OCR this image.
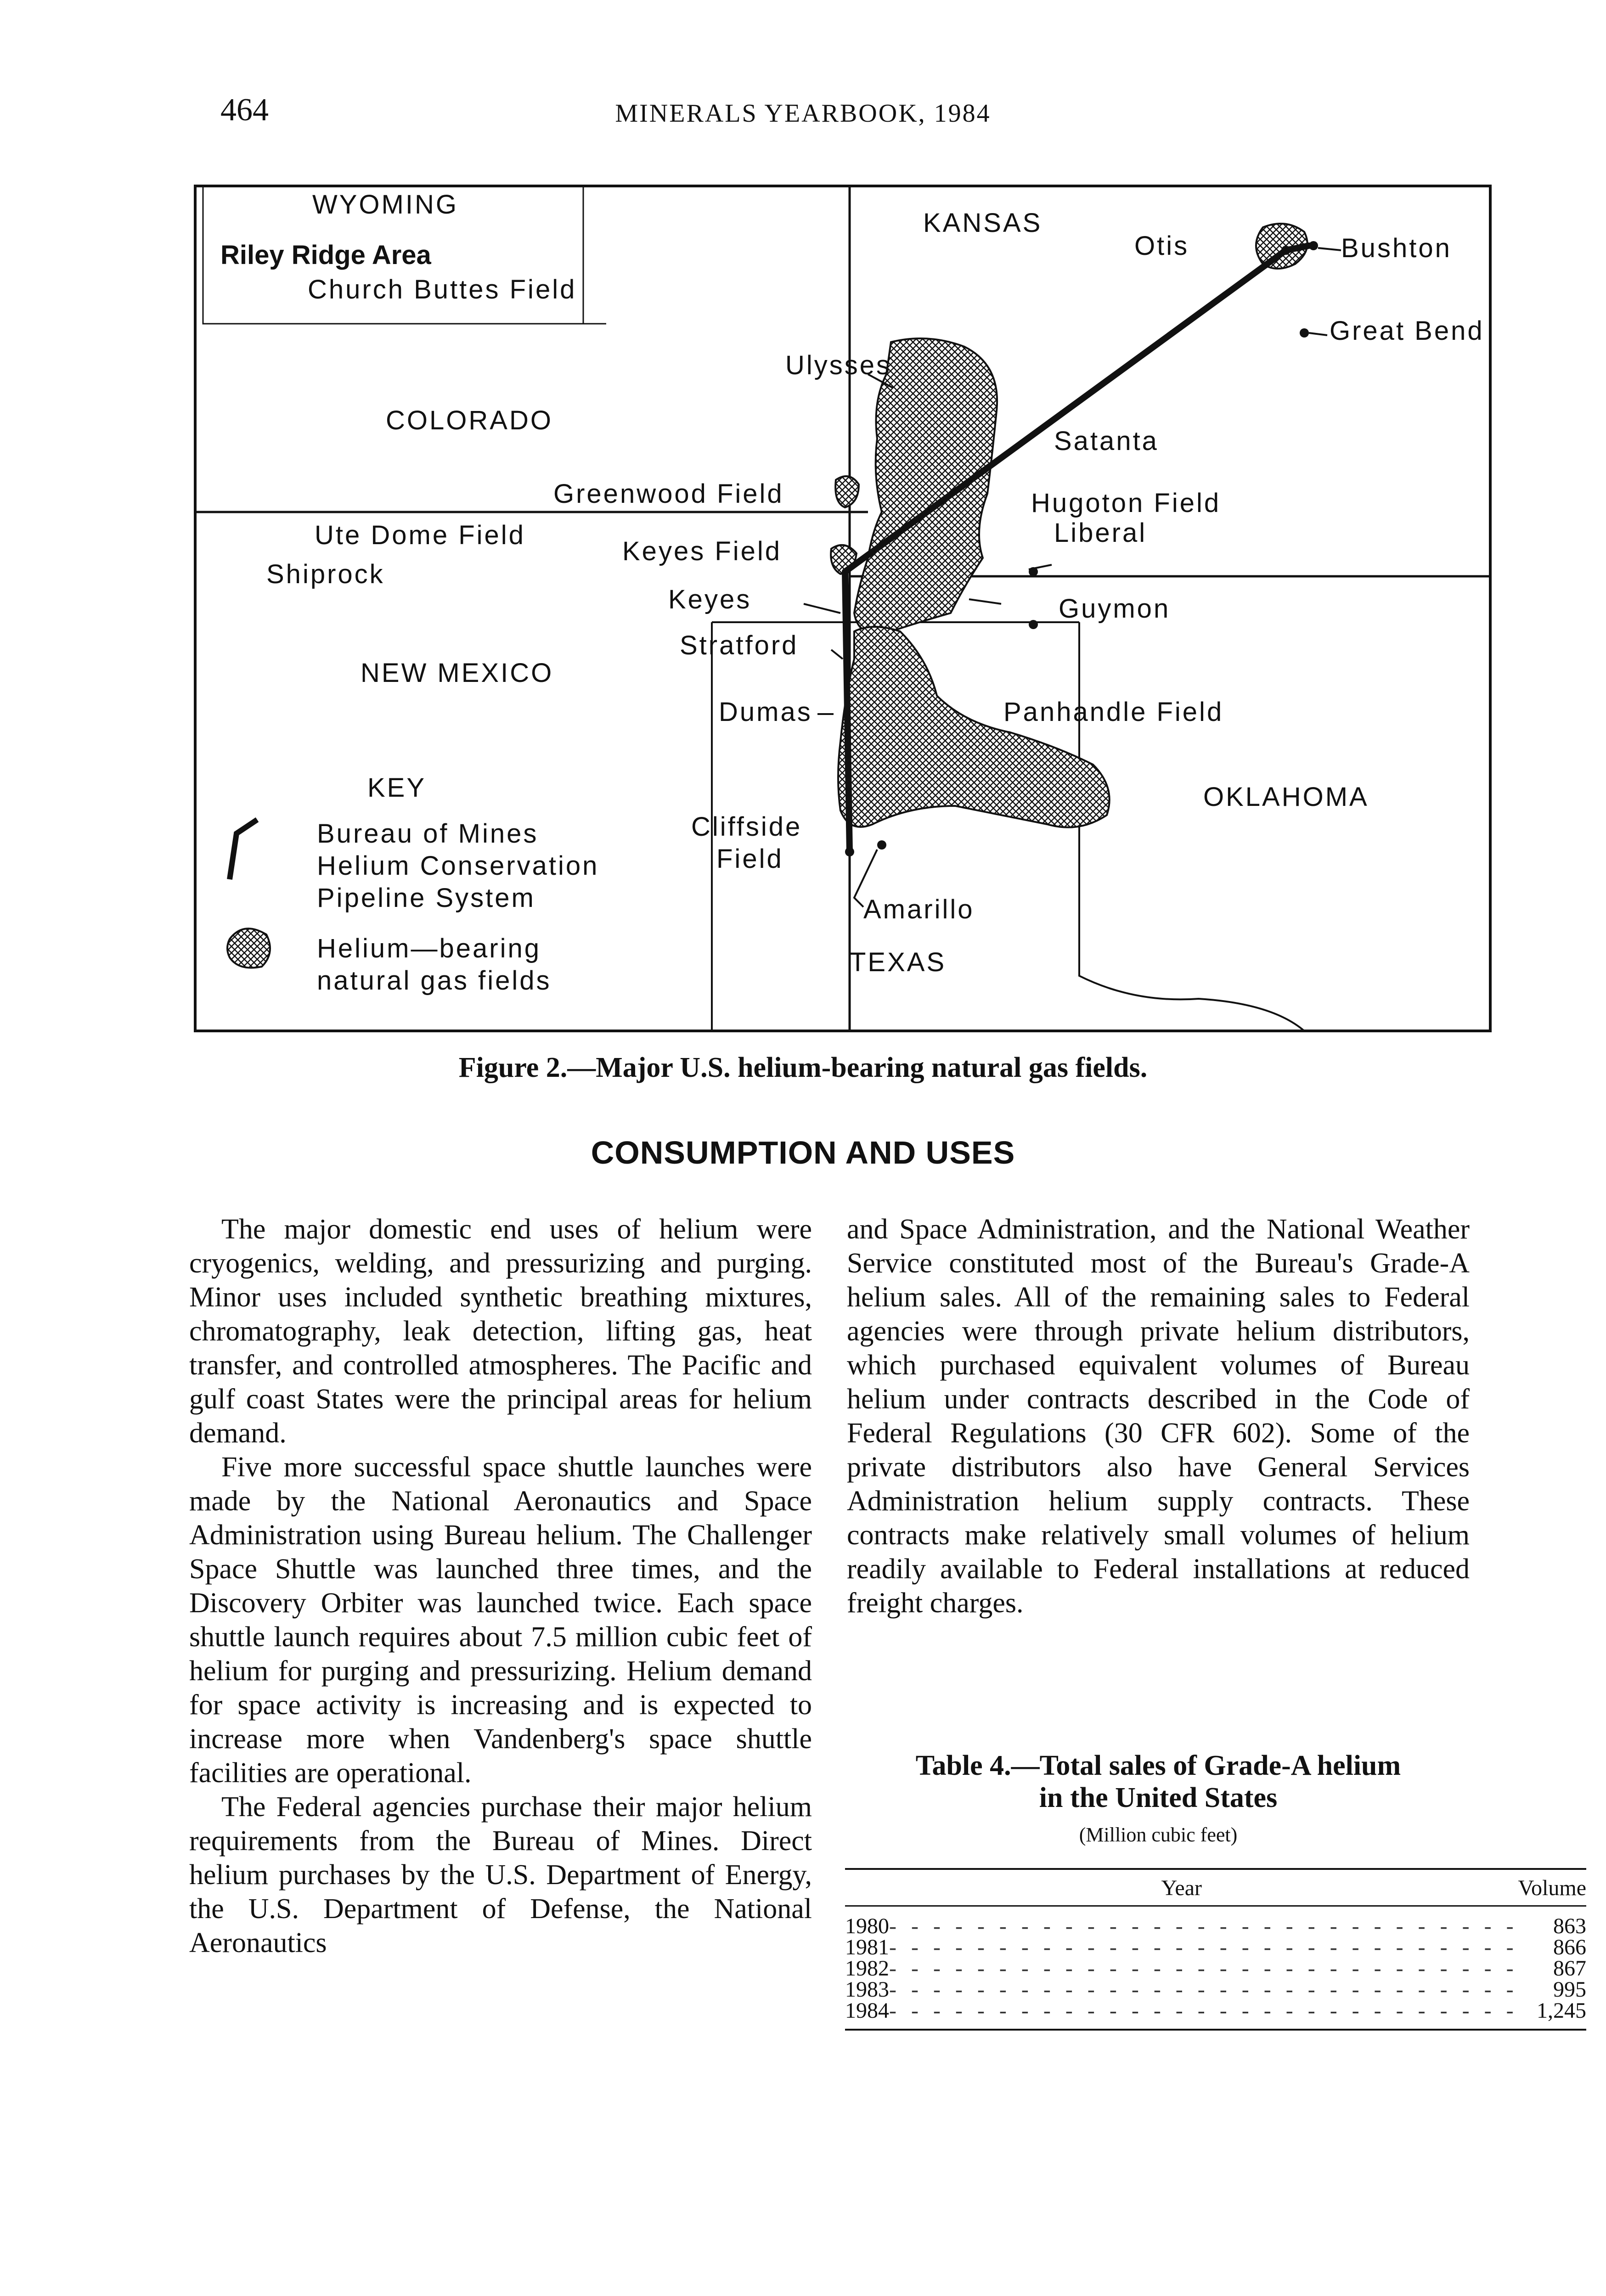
464	MINERALS YEARBOOK, 1984
WYOMING
Riley Ridge Area
Church Buttes Field
COLORADO
KANSAS
NEW MEXICO
OKLAHOMA
TEXAS
Otis	Bushton
Great Bend
Ulysses
Satanta
Greenwood Field	Hugoton Field
Liberal
Ute Dome Field
Keyes Field
Shiprock
Keyes	Guymon
Stratford
Dumas	Panhandle Field
Cliffside
Field
Amarillo
KEY
Bureau of Mines
Helium Conservation
Pipeline System
Helium—bearing
natural gas fields
Figure 2.—Major U.S. helium-bearing natural gas fields.
CONSUMPTION AND USES

The major domestic end uses of helium were cryogenics, welding, and pressurizing and purging. Minor uses included synthetic breathing mixtures, chromatography, leak detection, lifting gas, heat transfer, and controlled atmospheres. The Pacific and gulf coast States were the principal areas for helium demand.

Five more successful space shuttle launches were made by the National Aeronautics and Space Administration using Bureau helium. The Challenger Space Shuttle was launched three times, and the Discovery Orbiter was launched twice. Each space shuttle launch requires about 7.5 million cubic feet of helium for purging and pressurizing. Helium demand for space activity is increasing and is expected to increase more when Vandenberg's space shuttle facilities are operational.

The Federal agencies purchase their major helium requirements from the Bureau of Mines. Direct helium purchases by the U.S. Department of Energy, the U.S. Department of Defense, the National Aeronautics

and Space Administration, and the National Weather Service constituted most of the Bureau's Grade-A helium sales. All of the remaining sales to Federal agencies were through private helium distributors, which purchased equivalent volumes of Bureau helium under contracts described in the Code of Federal Regulations (30 CFR 602). Some of the private distributors also have General Services Administration helium supply contracts. These contracts make relatively small volumes of helium readily available to Federal installations at reduced freight charges.

Table 4.—Total sales of Grade-A helium
in the United States
(Million cubic feet)
Year		Volume
1980	- - - - - - - - - - - - - - - - - - - - - - - - - - - - -	863
1981	- - - - - - - - - - - - - - - - - - - - - - - - - - - - -	866
1982	- - - - - - - - - - - - - - - - - - - - - - - - - - - - -	867
1983	- - - - - - - - - - - - - - - - - - - - - - - - - - - - -	995
1984	- - - - - - - - - - - - - - - - - - - - - - - - - - - - -	1,245
